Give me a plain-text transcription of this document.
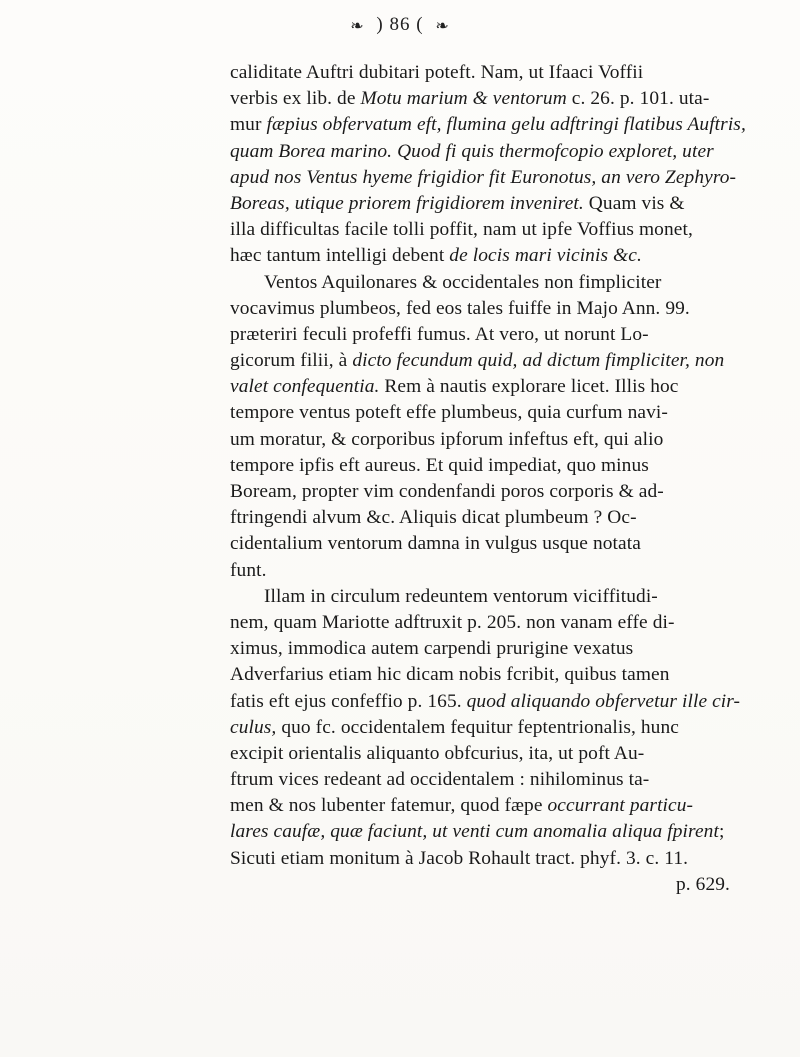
❧ ) 86 ( ❧
caliditate Auftri dubitari poteft. Nam, ut Ifaaci Voffii
verbis ex lib. de Motu marium & ventorum c. 26. p. 101. uta-
mur fæpius obfervatum eft, flumina gelu adftringi flatibus Auftris,
quam Borea marino. Quod fi quis thermofcopio exploret, uter
apud nos Ventus hyeme frigidior fit Euronotus, an vero Zephyro-
Boreas, utique priorem frigidiorem inveniret. Quam vis &
illa difficultas facile tolli poffit, nam ut ipfe Voffius monet,
hæc tantum intelligi debent de locis mari vicinis &c.
Ventos Aquilonares & occidentales non fimpliciter
vocavimus plumbeos, fed eos tales fuiffe in Majo Ann. 99.
præteriri feculi profeffi fumus. At vero, ut norunt Lo-
gicorum filii, à dicto fecundum quid, ad dictum fimpliciter, non
valet confequentia. Rem à nautis explorare licet. Illis hoc
tempore ventus poteft effe plumbeus, quia curfum navi-
um moratur, & corporibus ipforum infeftus eft, qui alio
tempore ipfis eft aureus. Et quid impediat, quo minus
Boream, propter vim condenfandi poros corporis & ad-
ftringendi alvum &c. Aliquis dicat plumbeum ? Oc-
cidentalium ventorum damna in vulgus usque notata
funt.
Illam in circulum redeuntem ventorum viciffitudi-
nem, quam Mariotte adftruxit p. 205. non vanam effe di-
ximus, immodica autem carpendi prurigine vexatus
Adverfarius etiam hic dicam nobis fcribit, quibus tamen
fatis eft ejus confeffio p. 165. quod aliquando obfervetur ille cir-
culus, quo fc. occidentalem fequitur feptentrionalis, hunc
excipit orientalis aliquanto obfcurius, ita, ut poft Au-
ftrum vices redeant ad occidentalem : nihilominus ta-
men & nos lubenter fatemur, quod fæpe occurrant particu-
lares caufæ, quæ faciunt, ut venti cum anomalia aliqua fpirent;
Sicuti etiam monitum à Jacob Rohault tract. phyf. 3. c. 11.
p. 629.
